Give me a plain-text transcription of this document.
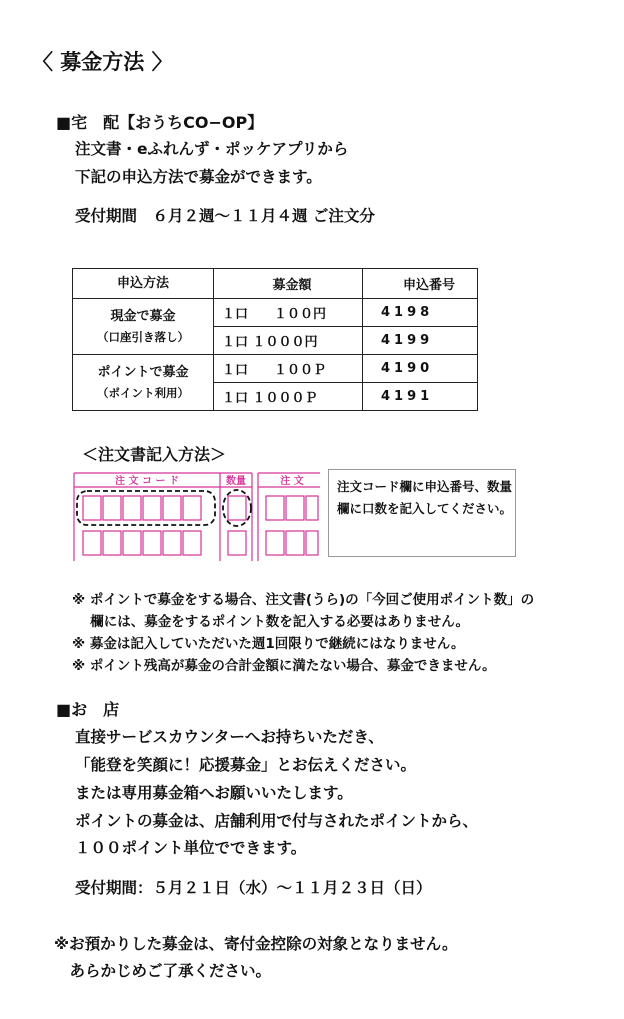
〈 募金方法 〉
■宅　配【おうちCO−OP】
注文書・eふれんず・ポッケアプリから
下記の申込方法で募金ができます。
受付期間　６月２週〜１１月４週 ご注文分
申込方法	募金額	申込番号

現金で募金
（口座引き落し）	１口　　１００円	4198
	１口 １０００円	4199

ポイントで募金
（ポイント利用）	１口　　１００Ｐ	4190
	１口 １０００Ｐ	4191
＜注文書記入方法＞
注 文 コ ー ド	数量	注 文	注文コード欄に申込番号、数量欄に口数を記入してください。
※ ポイントで募金をする場合、注文書(うら)の「今回ご使用ポイント数」の
　 欄には、募金をするポイント数を記入する必要はありません。
※ 募金は記入していただいた週1回限りで継続にはなりません。
※ ポイント残高が募金の合計金額に満たない場合、募金できません。
■お　店
直接サービスカウンターへお持ちいただき、
「能登を笑顔に！応援募金」とお伝えください。
または専用募金箱へお願いいたします。
ポイントの募金は、店舗利用で付与されたポイントから、
１００ポイント単位でできます。
受付期間：５月２１日（水）〜１１月２３日（日）
※お預かりした募金は、寄付金控除の対象となりません。
　あらかじめご了承ください。
